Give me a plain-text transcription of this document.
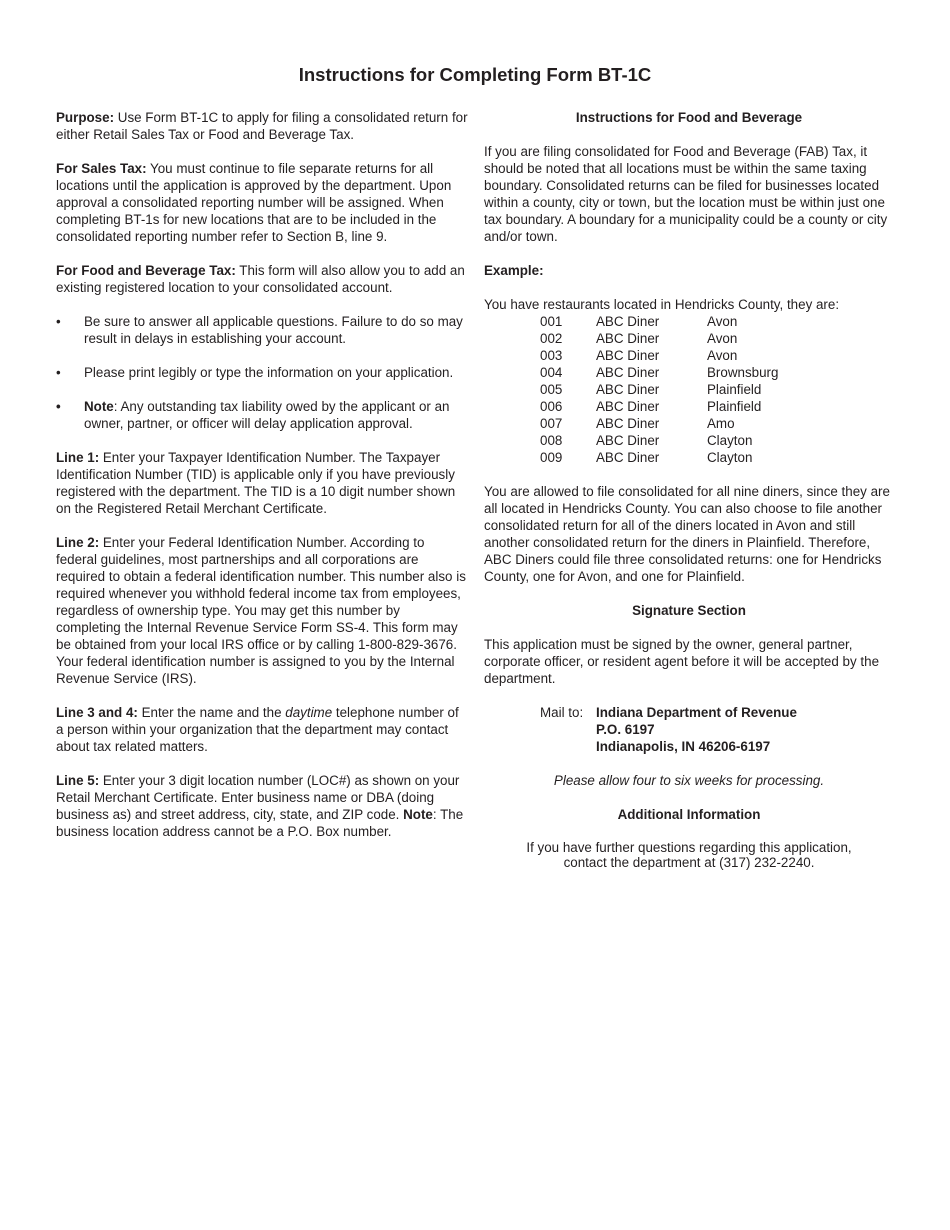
Instructions for Completing Form BT-1C

Purpose: Use Form BT-1C to apply for filing a consolidated return for either Retail Sales Tax or Food and Beverage Tax.

For Sales Tax: You must continue to file separate returns for all locations until the application is approved by the department. Upon approval a consolidated reporting number will be assigned. When completing BT-1s for new locations that are to be included in the consolidated reporting number refer to Section B, line 9.

For Food and Beverage Tax: This form will also allow you to add an existing registered location to your consolidated account.

•	Be sure to answer all applicable questions. Failure to do so may result in delays in establishing your account.
•	Please print legibly or type the information on your application.
•	Note: Any outstanding tax liability owed by the applicant or an owner, partner, or officer will delay application approval.

Line 1: Enter your Taxpayer Identification Number. The Taxpayer Identification Number (TID) is applicable only if you have previously registered with the department. The TID is a 10 digit number shown on the Registered Retail Merchant Certificate.

Line 2: Enter your Federal Identification Number. According to federal guidelines, most partnerships and all corporations are required to obtain a federal identification number. This number also is required whenever you withhold federal income tax from employees, regardless of ownership type. You may get this number by completing the Internal Revenue Service Form SS-4. This form may be obtained from your local IRS office or by calling 1-800-829-3676. Your federal identification number is assigned to you by the Internal Revenue Service (IRS).

Line 3 and 4: Enter the name and the daytime telephone number of a person within your organization that the department may contact about tax related matters.

Line 5: Enter your 3 digit location number (LOC#) as shown on your Retail Merchant Certificate. Enter business name or DBA (doing business as) and street address, city, state, and ZIP code. Note: The business location address cannot be a P.O. Box number.

Instructions for Food and Beverage

If you are filing consolidated for Food and Beverage (FAB) Tax, it should be noted that all locations must be within the same taxing boundary. Consolidated returns can be filed for businesses located within a county, city or town, but the location must be within just one tax boundary. A boundary for a municipality could be a county or city and/or town.

Example:

You have restaurants located in Hendricks County, they are:
001	ABC Diner	Avon
002	ABC Diner	Avon
003	ABC Diner	Avon
004	ABC Diner	Brownsburg
005	ABC Diner	Plainfield
006	ABC Diner	Plainfield
007	ABC Diner	Amo
008	ABC Diner	Clayton
009	ABC Diner	Clayton

You are allowed to file consolidated for all nine diners, since they are all located in Hendricks County. You can also choose to file another consolidated return for all of the diners located in Avon and still another consolidated return for the diners in Plainfield. Therefore, ABC Diners could file three consolidated returns: one for Hendricks County, one for Avon, and one for Plainfield.

Signature Section

This application must be signed by the owner, general partner, corporate officer, or resident agent before it will be accepted by the department.

Mail to: Indiana Department of Revenue
P.O. 6197
Indianapolis, IN 46206-6197

Please allow four to six weeks for processing.

Additional Information
If you have further questions regarding this application,
contact the department at (317) 232-2240.
